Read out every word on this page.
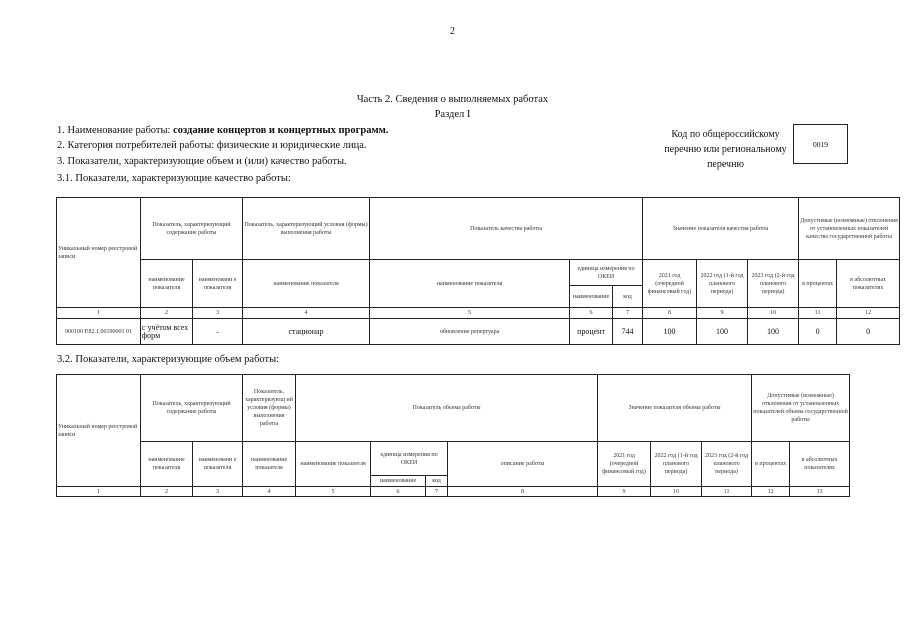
2
Часть 2. Сведения о выполняемых работах
Раздел I
1. Наименование работы: создание концертов и концертных программ.
2. Категория потребителей работы: физические и юридические лица.
3. Показатели, характеризующие объем и (или) качество работы.
3.1. Показатели, характеризующие качество работы:
Код по общероссийскому
перечню или региональному
перечню
0019
Уникальный номер реестровой записи	Показатель, характеризующий содержание работы		Показатель, характеризующий условия (формы) выполнения работы	Показатель качества работы			Значение показателя качества работы			Допустимые (возможные) отклонения от установленных показателей качества государственной работы	
	наименование показателя	наименовани е показателя	наименование показателя	наименование показателя	единица измерения по ОКЕИ		2021 год (очередной финансовый год)	2022 год (1-й год планового периода)	2023 год (2-й год планового периода)	в процентах	в абсолютных показателях
					наименование	код					
1	2	3	4	5	6	7	8	9	10	11	12
900100 Р.82.1.00190001 01	с учётом всех форм	-	стационар	обновление репертуара	процент	744	100	100	100	0	0
3.2. Показатели, характеризующие объем работы:
Уникальный номер реестровой записи	Показатель, характеризующий содержание работы		Показатель, характеризующ ий условия (формы) выполнения работы	Показатель объема работы				Значение показателя объема работы			Допустимые (возможные) отклонения от установленных показателей объема государственной работы	
	наименование показателя	наименовани е показателя	наименование показателя	наименование показателя	единица измерения по ОКЕИ		описание работы	2021 год (очередной финансовый год)	2022 год (1-й год планового периода)	2023 год (2-й год планового периода)	в процентах	в абсолютных показателях
					наименование	код						
1	2	3	4	5	6	7	8	9	10	11	12	13
